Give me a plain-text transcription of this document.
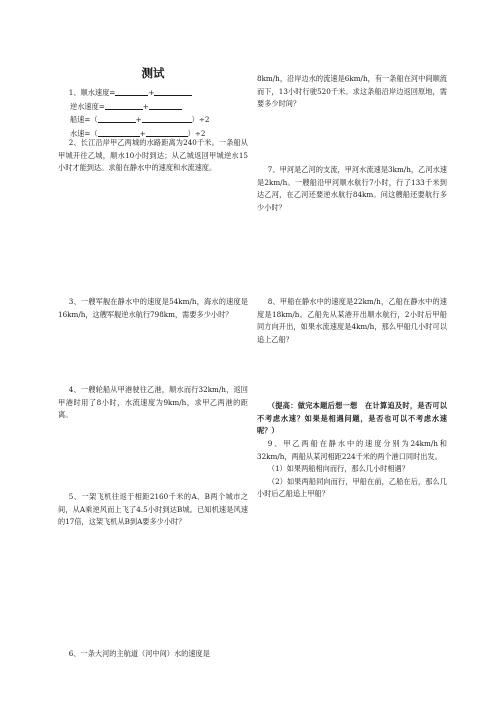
测试

1、顺水速度=	+

逆水速度=	+

船速=（	+	）÷2

水速=（	+	）÷2

2、长江沿岸甲乙两城的水路距离为240千米。一条船从甲城开往乙城，顺水10小时到达；从乙城返回甲城逆水15小时才能到达。求船在静水中的速度和水流速度。

3、一艘军舰在静水中的速度是54km/h，海水的速度是16km/h，这艘军舰逆水航行798km，需要多少小时？

4、一艘轮船从甲港驶往乙港，顺水而行32km/h，返回甲港时用了8小时，水流速度为9km/h，求甲乙两港的距离。

5、一架飞机往返于相距2160千米的A、B两个城市之间，从A乘逆风而上飞了4.5小时到达B城。已知机速是风速的17倍，这架飞机从B到A要多少小时？

6、一条大河的主航道（河中间）水的速度是

8km/h，沿岸边水的流速是6km/h，有一条船在河中间顺流而下，13小时行驶520千米。求这条船沿岸边返回原地，需要多少时间？

7、甲河是乙河的支流，甲河水流速是3km/h，乙河水速是2km/h。一艘船沿甲河顺水航行7小时，行了133千米到达乙河，在乙河还要逆水航行84km。问这艘船还要航行多少小时？

8、甲船在静水中的速度是22km/h，乙船在静水中的速度是18km/h。乙船先从某港开出顺水航行，2小时后甲船同方向开出，如果水流速度是4km/h，那么甲船几小时可以追上乙船？

（提高：做完本题后想一想　在计算追及时，是否可以不考虑水速？如果是相遇问题，是否也可以不考虑水速呢？）

9、甲乙两船在静水中的速度分别为24km/h和32km/h，两船从某河相距224千米的两个港口同时出发。

（1）如果两船相向而行，那么几小时相遇？

（2）如果两船同向而行，甲船在前，乙船在后，那么几小时后乙船追上甲船？
